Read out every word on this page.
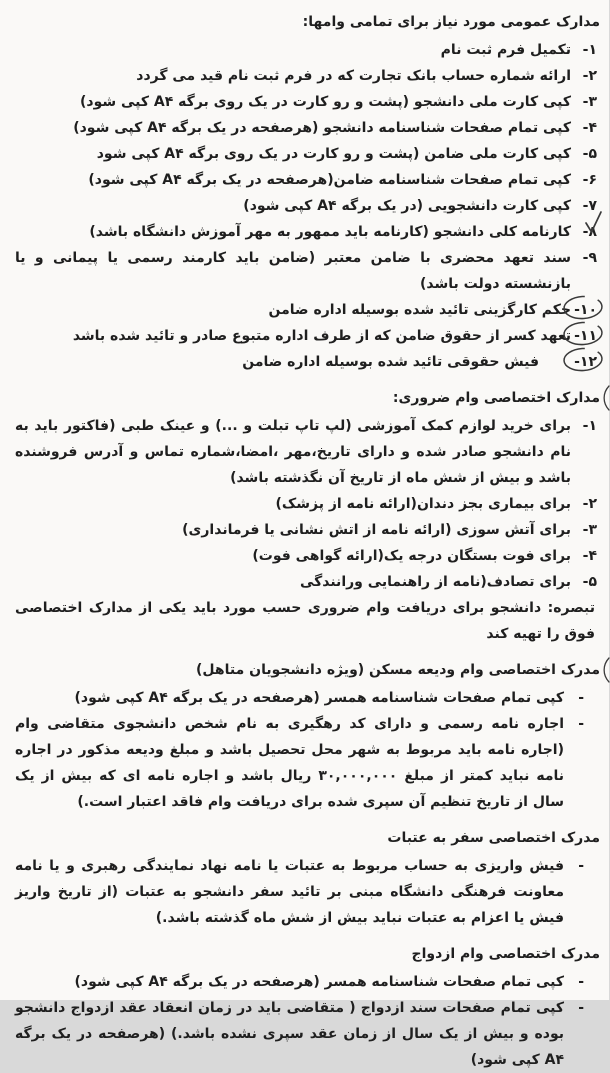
مدارک عمومی مورد نیاز برای تمامی وامها:
۱-
تکمیل فرم ثبت نام
۲-
ارائه شماره حساب بانک تجارت که در فرم ثبت نام قید می گردد
۳-
کپی کارت ملی دانشجو (پشت و رو کارت در یک روی برگه A۴ کپی شود)
۴-
کپی تمام صفحات شناسنامه دانشجو (هرصفحه در یک برگه A۴ کپی شود)
۵-
کپی کارت ملی ضامن (پشت و رو کارت در یک روی برگه A۴ کپی شود
۶-
کپی تمام صفحات شناسنامه ضامن(هرصفحه در یک برگه A۴ کپی شود)
۷-
کپی کارت دانشجویی (در یک برگه A۴ کپی شود)
۸-
کارنامه کلی دانشجو (کارنامه باید ممهور به مهر آموزش دانشگاه باشد)
۹-
سند تعهد محضری با ضامن معتبر (ضامن باید کارمند رسمی یا پیمانی و یا بازنشسته دولت باشد)
۱۰-
حکم کارگزینی تائید شده بوسیله اداره ضامن
۱۱-
تعهد کسر از حقوق ضامن که از طرف اداره متبوع صادر و تائید شده باشد
۱۲-
فیش حقوقی تائید شده بوسیله اداره ضامن
مدارک اختصاصی وام ضروری:
۱-
برای خرید لوازم کمک آموزشی (لپ تاپ تبلت و ...) و عینک طبی (فاکتور باید به نام دانشجو صادر شده و دارای تاریخ،مهر ،امضا،شماره تماس و آدرس فروشنده باشد و بیش از شش ماه از تاریخ آن نگذشته باشد)
۲-
برای بیماری بجز دندان(ارائه نامه از پزشک)
۳-
برای آتش سوزی (ارائه نامه از اتش نشانی یا فرمانداری)
۴-
برای فوت بستگان درجه یک(ارائه گواهی فوت)
۵-
برای تصادف(نامه از راهنمایی ورانندگی
تبصره: دانشجو برای دریافت وام ضروری حسب مورد باید یکی از مدارک اختصاصی فوق را تهیه کند
مدرک اختصاصی وام ودیعه مسکن (ویژه دانشجویان متاهل)
-
کپی تمام صفحات شناسنامه همسر (هرصفحه در یک برگه A۴ کپی شود)
-
اجاره نامه رسمی و دارای کد رهگیری به نام شخص دانشجوی متقاضی وام (اجاره نامه باید مربوط به شهر محل تحصیل باشد و مبلغ ودیعه مذکور در اجاره نامه نباید کمتر از مبلغ ۳۰,۰۰۰,۰۰۰ ریال باشد و اجاره نامه ای که بیش از یک سال از تاریخ تنظیم آن سپری شده برای دریافت وام فاقد اعتبار است.)
مدرک اختصاصی سفر به عتبات
-
فیش واریزی به حساب مربوط به عتبات یا نامه نهاد نمایندگی رهبری و یا نامه معاونت فرهنگی دانشگاه مبنی بر تائید سفر دانشجو به عتبات (از تاریخ واریز فیش یا اعزام به عتبات نباید بیش از شش ماه گذشته باشد.)
مدرک اختصاصی وام ازدواج
-
کپی تمام صفحات شناسنامه همسر (هرصفحه در یک برگه A۴ کپی شود)
-
کپی تمام صفحات سند ازدواج ( متقاضی باید در زمان انعقاد عقد ازدواج دانشجو بوده و بیش از یک سال از زمان عقد سپری نشده باشد.) (هرصفحه در یک برگه A۴ کپی شود)
